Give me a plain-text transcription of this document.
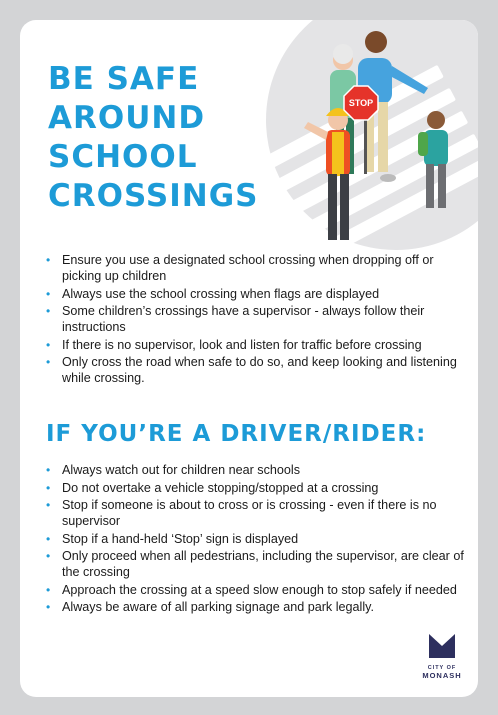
BE SAFE
AROUND
SCHOOL
CROSSINGS
STOP
• Ensure you use a designated school crossing when dropping off or picking up children
• Always use the school crossing when flags are displayed
• Some children’s crossings have a supervisor - always follow their instructions
• If there is no supervisor, look and listen for traffic before crossing
• Only cross the road when safe to do so, and keep looking and listening while crossing.
IF YOU’RE A DRIVER/RIDER:
• Always watch out for children near schools
• Do not overtake a vehicle stopping/stopped at a crossing
• Stop if someone is about to cross or is crossing - even if there is no supervisor
• Stop if a hand-held ‘Stop’ sign is displayed
• Only proceed when all pedestrians, including the supervisor, are clear of the crossing
• Approach the crossing at a speed slow enough to stop safely if needed
• Always be aware of all parking signage and park legally.
CITY OF
MONASH
